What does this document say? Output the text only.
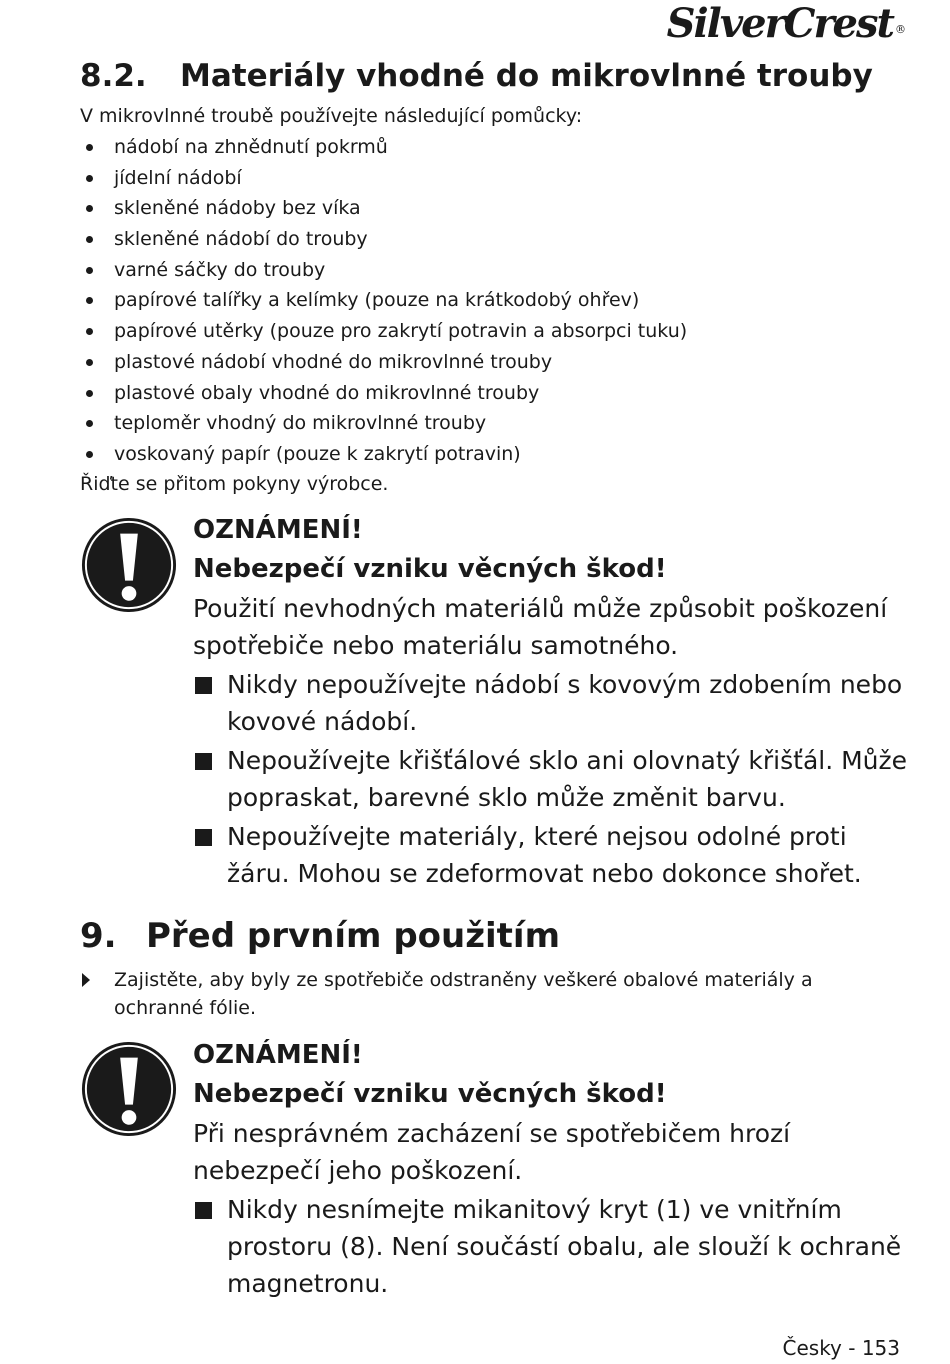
SilverCrest ®
8.2. Materiály vhodné do mikrovlnné trouby
V mikrovlnné troubě používejte následující pomůcky:
nádobí na zhnědnutí pokrmů
jídelní nádobí
skleněné nádoby bez víka
skleněné nádobí do trouby
varné sáčky do trouby
papírové talířky a kelímky (pouze na krátkodobý ohřev)
papírové utěrky (pouze pro zakrytí potravin a absorpci tuku)
plastové nádobí vhodné do mikrovlnné trouby
plastové obaly vhodné do mikrovlnné trouby
teploměr vhodný do mikrovlnné trouby
voskovaný papír (pouze k zakrytí potravin)
Řiďte se přitom pokyny výrobce.
OZNÁMENÍ!
Nebezpečí vzniku věcných škod!
Použití nevhodných materiálů může způsobit poškození spotřebiče nebo materiálu samotného.
Nikdy nepoužívejte nádobí s kovovým zdobením nebo kovové nádobí.
Nepoužívejte křišťálové sklo ani olovnatý křišťál. Může popraskat, barevné sklo může změnit barvu.
Nepoužívejte materiály, které nejsou odolné proti žáru. Mohou se zdeformovat nebo dokonce shořet.
9. Před prvním použitím
Zajistěte, aby byly ze spotřebiče odstraněny veškeré obalové materiály a ochranné fólie.
OZNÁMENÍ!
Nebezpečí vzniku věcných škod!
Při nesprávném zacházení se spotřebičem hrozí nebezpečí jeho poškození.
Nikdy nesnímejte mikanitový kryt (1) ve vnitřním prostoru (8). Není součástí obalu, ale slouží k ochraně magnetronu.
Česky - 153
